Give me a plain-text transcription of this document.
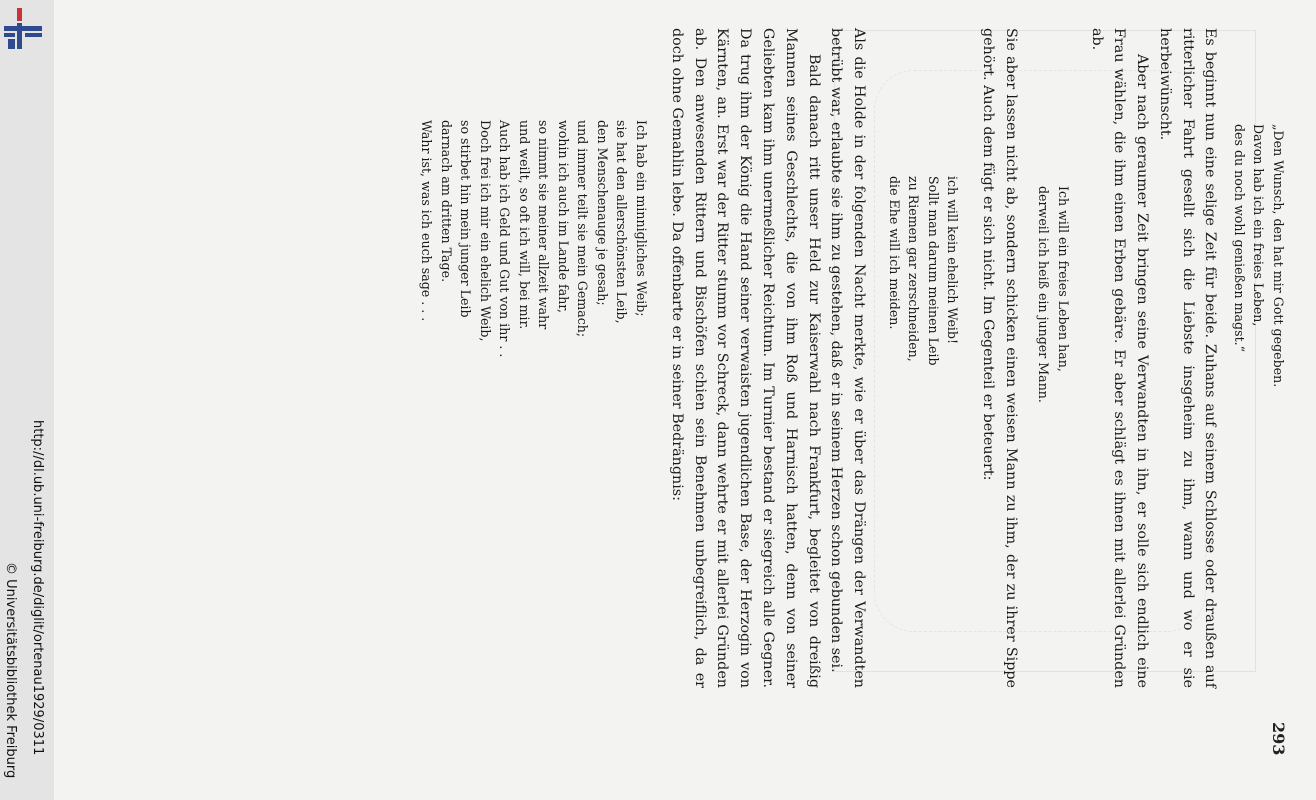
http://dl.ub.uni-freiburg.de/diglit/ortenau1929/0311
© Universitätsbibliothek Freiburg	293
„Den Wunsch, den hat mir Gott gegeben.
Davon hab ich ein freies Leben,
des du noch wohl genießen magst.“

Es beginnt nun eine selige Zeit für beide. Zuhans auf seinem Schlosse oder draußen auf ritterlicher Fahrt gesellt sich die Liebste insgeheim zu ihm, wann und wo er sie herbeiwünscht.

Aber nach geraumer Zeit bringen seine Verwandten in ihn, er solle sich endlich eine Frau wählen, die ihm einen Erben gebäre. Er aber schlägt es ihnen mit allerlei Gründen ab.

Ich will ein freies Leben han,
derweil ich heiß ein junger Mann.

Sie aber lassen nicht ab, sondern schicken einen weisen Mann zu ihm, der zu ihrer Sippe gehört. Auch dem fügt er sich nicht. Im Gegenteil er beteuert:

ich will kein ehelich Weib!
Sollt man darum meinen Leib
zu Riemen gar zerschneiden,
die Ehe will ich meiden.

Als die Holde in der folgenden Nacht merkte, wie er über das Drängen der Verwandten betrübt war, erlaubte sie ihm zu gestehen, daß er in seinem Herzen schon gebunden sei.

Bald danach ritt unser Held zur Kaiserwahl nach Frankfurt, begleitet von dreißig Mannen seines Geschlechts, die von ihm Roß und Harnisch hatten, denn von seiner Geliebten kam ihm unermeßlicher Reichtum. Im Turnier bestand er siegreich alle Gegner. Da trug ihm der König die Hand seiner verwaisten jugendlichen Base, der Herzogin von Kärnten, an. Erst war der Ritter stumm vor Schreck, dann wehrte er mit allerlei Gründen ab. Den anwesenden Rittern und Bischöfen schien sein Benehmen unbegreiflich, da er doch ohne Gemahlin lebe. Da offenbarte er in seiner Bedrängnis:

Ich hab ein minnigliches Weib;
sie hat den allerschönsten Leib,
den Menschenauge je gesah;
und immer teilt sie mein Gemach;
wohin ich auch im Lande fahr,
so nimmt sie meiner allzeit wahr
und weilt, so oft ich will, bei mir.
Auch hab ich Geld und Gut von ihr . .
Doch frei ich mir ein ehelich Weib,
so stirbet hin mein junger Leib
darnach am dritten Tage.
Wahr ist, was ich euch sage . . .
